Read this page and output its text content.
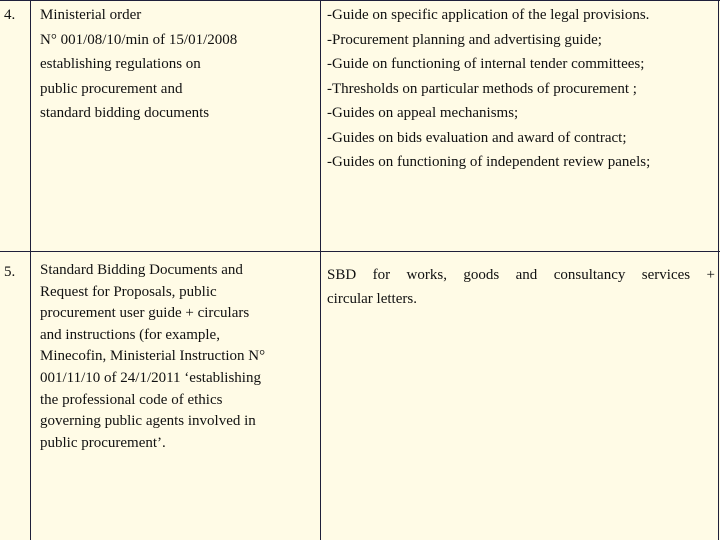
4. Ministerial order
N° 001/08/10/min of 15/01/2008
establishing regulations on
public procurement and
standard bidding documents
-Guide on specific application of the legal provisions.
-Procurement planning and advertising guide;
-Guide on functioning of internal tender committees;
-Thresholds on particular methods of procurement ;
-Guides on appeal mechanisms;
-Guides on bids evaluation and award of contract;
-Guides on functioning of independent review panels;
5. Standard Bidding Documents and
Request for Proposals, public
procurement user guide + circulars
and instructions (for example,
Minecofin, Ministerial Instruction N°
001/11/10 of 24/1/2011 ‘establishing
the professional code of ethics
governing public agents involved in
public procurement’.
SBD for works, goods and consultancy services +
circular letters.
